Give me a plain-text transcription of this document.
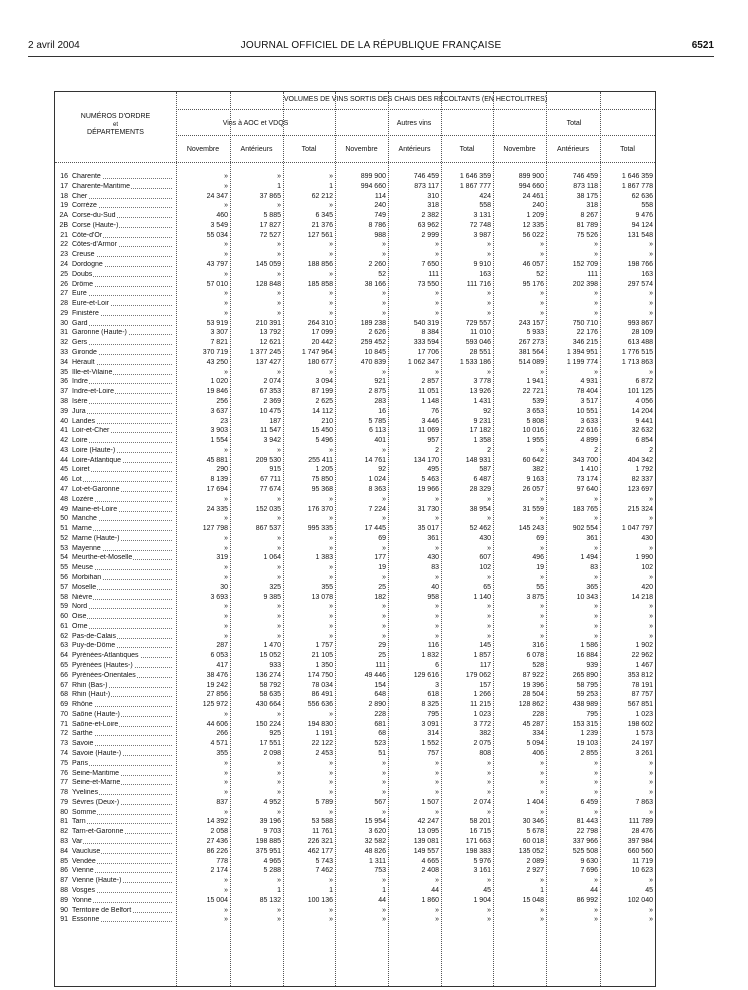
2 avril 2004	JOURNAL OFFICIEL DE LA RÉPUBLIQUE FRANÇAISE	6521
VOLUMES DE VINS SORTIS DES CHAIS DES RÉCOLTANTS (EN HECTOLITRES)
NUMÉROS D'ORDRE
et
DÉPARTEMENTS
Vins à AOC et VDQS	Autres vins	Total
Novembre	Antérieurs	Total	Novembre	Antérieurs	Total	Novembre	Antérieurs	Total
16 Charente	»	»	»	899 900	746 459	1 646 359	899 900	746 459	1 646 359
17 Charente-Maritime	»	1	1	994 660	873 117	1 867 777	994 660	873 118	1 867 778
18 Cher	24 347	37 865	62 212	114	310	424	24 461	38 175	62 636
19 Corrèze	»	»	»	240	318	558	240	318	558
2A Corse-du-Sud	460	5 885	6 345	749	2 382	3 131	1 209	8 267	9 476
2B Corse (Haute-)	3 549	17 827	21 376	8 786	63 962	72 748	12 335	81 789	94 124
21 Côte-d'Or	55 034	72 527	127 561	988	2 999	3 987	56 022	75 526	131 548
22 Côtes-d'Armor	»	»	»	»	»	»	»	»	»
23 Creuse	»	»	»	»	»	»	»	»	»
24 Dordogne	43 797	145 059	188 856	2 260	7 650	9 910	46 057	152 709	198 766
25 Doubs	»	»	»	52	111	163	52	111	163
26 Drôme	57 010	128 848	185 858	38 166	73 550	111 716	95 176	202 398	297 574
27 Eure	»	»	»	»	»	»	»	»	»
28 Eure-et-Loir	»	»	»	»	»	»	»	»	»
29 Finistère	»	»	»	»	»	»	»	»	»
30 Gard	53 919	210 391	264 310	189 238	540 319	729 557	243 157	750 710	993 867
31 Garonne (Haute-)	3 307	13 792	17 099	2 626	8 384	11 010	5 933	22 176	28 109
32 Gers	7 821	12 621	20 442	259 452	333 594	593 046	267 273	346 215	613 488
33 Gironde	370 719	1 377 245	1 747 964	10 845	17 706	28 551	381 564	1 394 951	1 776 515
34 Hérault	43 250	137 427	180 677	470 839	1 062 347	1 533 186	514 089	1 199 774	1 713 863
35 Ille-et-Vilaine	»	»	»	»	»	»	»	»	»
36 Indre	1 020	2 074	3 094	921	2 857	3 778	1 941	4 931	6 872
37 Indre-et-Loire	19 846	67 353	87 199	2 875	11 051	13 926	22 721	78 404	101 125
38 Isère	256	2 369	2 625	283	1 148	1 431	539	3 517	4 056
39 Jura	3 637	10 475	14 112	16	76	92	3 653	10 551	14 204
40 Landes	23	187	210	5 785	3 446	9 231	5 808	3 633	9 441
41 Loir-et-Cher	3 903	11 547	15 450	6 113	11 069	17 182	10 016	22 616	32 632
42 Loire	1 554	3 942	5 496	401	957	1 358	1 955	4 899	6 854
43 Loire (Haute-)	»	»	»	»	2	2	»	2	2
44 Loire-Atlantique	45 881	209 530	255 411	14 761	134 170	148 931	60 642	343 700	404 342
45 Loiret	290	915	1 205	92	495	587	382	1 410	1 792
46 Lot	8 139	67 711	75 850	1 024	5 463	6 487	9 163	73 174	82 337
47 Lot-et-Garonne	17 694	77 674	95 368	8 363	19 966	28 329	26 057	97 640	123 697
48 Lozère	»	»	»	»	»	»	»	»	»
49 Maine-et-Loire	24 335	152 035	176 370	7 224	31 730	38 954	31 559	183 765	215 324
50 Manche	»	»	»	»	»	»	»	»	»
51 Marne	127 798	867 537	995 335	17 445	35 017	52 462	145 243	902 554	1 047 797
52 Marne (Haute-)	»	»	»	69	361	430	69	361	430
53 Mayenne	»	»	»	»	»	»	»	»	»
54 Meurthe-et-Moselle	319	1 064	1 383	177	430	607	496	1 494	1 990
55 Meuse	»	»	»	19	83	102	19	83	102
56 Morbihan	»	»	»	»	»	»	»	»	»
57 Moselle	30	325	355	25	40	65	55	365	420
58 Nièvre	3 693	9 385	13 078	182	958	1 140	3 875	10 343	14 218
59 Nord	»	»	»	»	»	»	»	»	»
60 Oise	»	»	»	»	»	»	»	»	»
61 Orne	»	»	»	»	»	»	»	»	»
62 Pas-de-Calais	»	»	»	»	»	»	»	»	»
63 Puy-de-Dôme	287	1 470	1 757	29	116	145	316	1 586	1 902
64 Pyrénées-Atlantiques	6 053	15 052	21 105	25	1 832	1 857	6 078	16 884	22 962
65 Pyrénées (Hautes-)	417	933	1 350	111	6	117	528	939	1 467
66 Pyrénées-Orientales	38 476	136 274	174 750	49 446	129 616	179 062	87 922	265 890	353 812
67 Rhin (Bas-)	19 242	58 792	78 034	154	3	157	19 396	58 795	78 191
68 Rhin (Haut-)	27 856	58 635	86 491	648	618	1 266	28 504	59 253	87 757
69 Rhône	125 972	430 664	556 636	2 890	8 325	11 215	128 862	438 989	567 851
70 Saône (Haute-)	»	»	»	228	795	1 023	228	795	1 023
71 Saône-et-Loire	44 606	150 224	194 830	681	3 091	3 772	45 287	153 315	198 602
72 Sarthe	266	925	1 191	68	314	382	334	1 239	1 573
73 Savoie	4 571	17 551	22 122	523	1 552	2 075	5 094	19 103	24 197
74 Savoie (Haute-)	355	2 098	2 453	51	757	808	406	2 855	3 261
75 Paris	»	»	»	»	»	»	»	»	»
76 Seine-Maritime	»	»	»	»	»	»	»	»	»
77 Seine-et-Marne	»	»	»	»	»	»	»	»	»
78 Yvelines	»	»	»	»	»	»	»	»	»
79 Sèvres (Deux-)	837	4 952	5 789	567	1 507	2 074	1 404	6 459	7 863
80 Somme	»	»	»	»	»	»	»	»	»
81 Tarn	14 392	39 196	53 588	15 954	42 247	58 201	30 346	81 443	111 789
82 Tarn-et-Garonne	2 058	9 703	11 761	3 620	13 095	16 715	5 678	22 798	28 476
83 Var	27 436	198 885	226 321	32 582	139 081	171 663	60 018	337 966	397 984
84 Vaucluse	86 226	375 951	462 177	48 826	149 557	198 383	135 052	525 508	660 560
85 Vendée	778	4 965	5 743	1 311	4 665	5 976	2 089	9 630	11 719
86 Vienne	2 174	5 288	7 462	753	2 408	3 161	2 927	7 696	10 623
87 Vienne (Haute-)	»	»	»	»	»	»	»	»	»
88 Vosges	»	1	1	1	44	45	1	44	45
89 Yonne	15 004	85 132	100 136	44	1 860	1 904	15 048	86 992	102 040
90 Territoire de Belfort	»	»	»	»	»	»	»	»	»
91 Essonne	»	»	»	»	»	»	»	»	»
